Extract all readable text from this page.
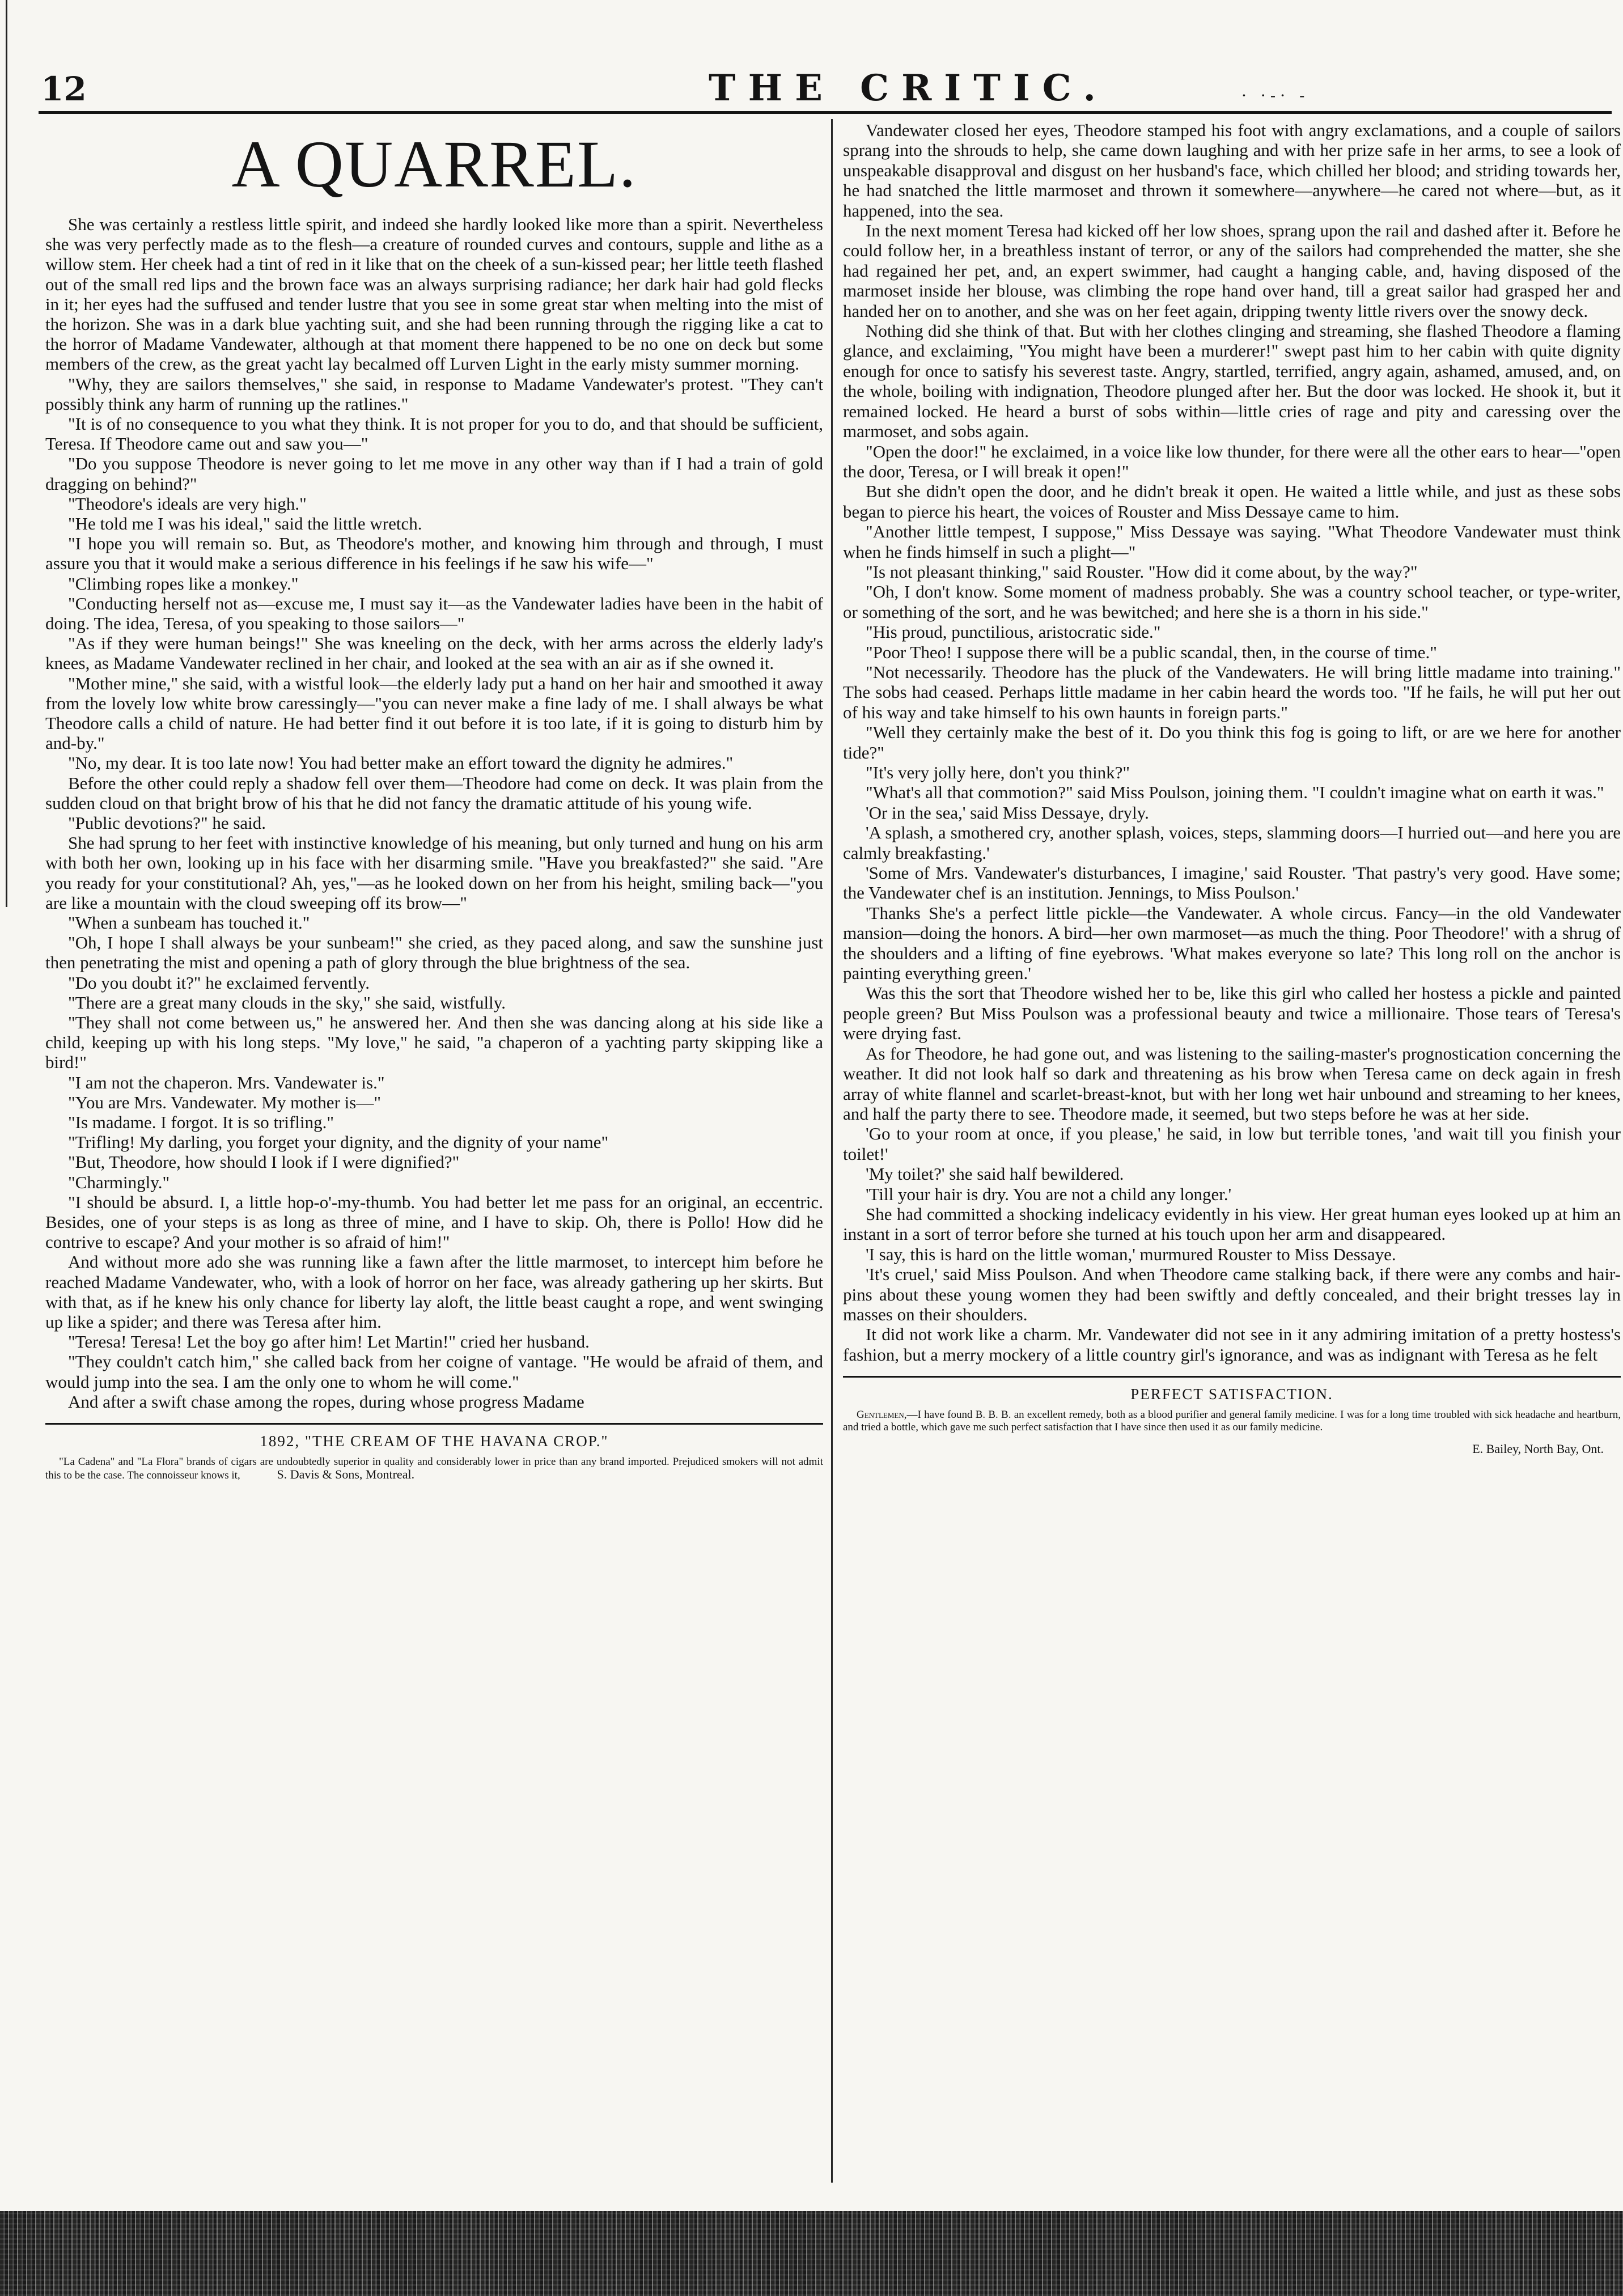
12	THE CRITIC.	· ·-· -
A QUARREL.

She was certainly a restless little spirit, and indeed she hardly looked like more than a spirit. Nevertheless she was very perfectly made as to the flesh—a creature of rounded curves and contours, supple and lithe as a willow stem. Her cheek had a tint of red in it like that on the cheek of a sun-kissed pear; her little teeth flashed out of the small red lips and the brown face was an always surprising radiance; her dark hair had gold flecks in it; her eyes had the suffused and tender lustre that you see in some great star when melting into the mist of the horizon. She was in a dark blue yachting suit, and she had been running through the rigging like a cat to the horror of Madame Vandewater, although at that moment there happened to be no one on deck but some members of the crew, as the great yacht lay becalmed off Lurven Light in the early misty summer morning.

"Why, they are sailors themselves," she said, in response to Madame Vandewater's protest. "They can't possibly think any harm of running up the ratlines."

"It is of no consequence to you what they think. It is not proper for you to do, and that should be sufficient, Teresa. If Theodore came out and saw you—"

"Do you suppose Theodore is never going to let me move in any other way than if I had a train of gold dragging on behind?"

"Theodore's ideals are very high."

"He told me I was his ideal," said the little wretch.

"I hope you will remain so. But, as Theodore's mother, and knowing him through and through, I must assure you that it would make a serious difference in his feelings if he saw his wife—"

"Climbing ropes like a monkey."

"Conducting herself not as—excuse me, I must say it—as the Vandewater ladies have been in the habit of doing. The idea, Teresa, of you speaking to those sailors—"

"As if they were human beings!" She was kneeling on the deck, with her arms across the elderly lady's knees, as Madame Vandewater reclined in her chair, and looked at the sea with an air as if she owned it.

"Mother mine," she said, with a wistful look—the elderly lady put a hand on her hair and smoothed it away from the lovely low white brow caressingly—"you can never make a fine lady of me. I shall always be what Theodore calls a child of nature. He had better find it out before it is too late, if it is going to disturb him by and-by."

"No, my dear. It is too late now! You had better make an effort toward the dignity he admires."

Before the other could reply a shadow fell over them—Theodore had come on deck. It was plain from the sudden cloud on that bright brow of his that he did not fancy the dramatic attitude of his young wife.

"Public devotions?" he said.

She had sprung to her feet with instinctive knowledge of his meaning, but only turned and hung on his arm with both her own, looking up in his face with her disarming smile. "Have you breakfasted?" she said. "Are you ready for your constitutional? Ah, yes,"—as he looked down on her from his height, smiling back—"you are like a mountain with the cloud sweeping off its brow—"

"When a sunbeam has touched it."

"Oh, I hope I shall always be your sunbeam!" she cried, as they paced along, and saw the sunshine just then penetrating the mist and opening a path of glory through the blue brightness of the sea.

"Do you doubt it?" he exclaimed fervently.

"There are a great many clouds in the sky," she said, wistfully.

"They shall not come between us," he answered her. And then she was dancing along at his side like a child, keeping up with his long steps. "My love," he said, "a chaperon of a yachting party skipping like a bird!"

"I am not the chaperon. Mrs. Vandewater is."

"You are Mrs. Vandewater. My mother is—"

"Is madame. I forgot. It is so trifling."

"Trifling! My darling, you forget your dignity, and the dignity of your name"

"But, Theodore, how should I look if I were dignified?"

"Charmingly."

"I should be absurd. I, a little hop-o'-my-thumb. You had better let me pass for an original, an eccentric. Besides, one of your steps is as long as three of mine, and I have to skip. Oh, there is Pollo! How did he contrive to escape? And your mother is so afraid of him!"

And without more ado she was running like a fawn after the little marmoset, to intercept him before he reached Madame Vandewater, who, with a look of horror on her face, was already gathering up her skirts. But with that, as if he knew his only chance for liberty lay aloft, the little beast caught a rope, and went swinging up like a spider; and there was Teresa after him.

"Teresa! Teresa! Let the boy go after him! Let Martin!" cried her husband.

"They couldn't catch him," she called back from her coigne of vantage. "He would be afraid of them, and would jump into the sea. I am the only one to whom he will come."

And after a swift chase among the ropes, during whose progress Madame

1892, "THE CREAM OF THE HAVANA CROP."

"La Cadena" and "La Flora" brands of cigars are undoubtedly superior in quality and considerably lower in price than any brand imported. Prejudiced smokers will not admit this to be the case. The connoisseur knows it,	S. Davis & Sons, Montreal.

Vandewater closed her eyes, Theodore stamped his foot with angry exclamations, and a couple of sailors sprang into the shrouds to help, she came down laughing and with her prize safe in her arms, to see a look of unspeakable disapproval and disgust on her husband's face, which chilled her blood; and striding towards her, he had snatched the little marmoset and thrown it somewhere—anywhere—he cared not where—but, as it happened, into the sea.

In the next moment Teresa had kicked off her low shoes, sprang upon the rail and dashed after it. Before he could follow her, in a breathless instant of terror, or any of the sailors had comprehended the matter, she she had regained her pet, and, an expert swimmer, had caught a hanging cable, and, having disposed of the marmoset inside her blouse, was climbing the rope hand over hand, till a great sailor had grasped her and handed her on to another, and she was on her feet again, dripping twenty little rivers over the snowy deck.

Nothing did she think of that. But with her clothes clinging and streaming, she flashed Theodore a flaming glance, and exclaiming, "You might have been a murderer!" swept past him to her cabin with quite dignity enough for once to satisfy his severest taste. Angry, startled, terrified, angry again, ashamed, amused, and, on the whole, boiling with indignation, Theodore plunged after her. But the door was locked. He shook it, but it remained locked. He heard a burst of sobs within—little cries of rage and pity and caressing over the marmoset, and sobs again.

"Open the door!" he exclaimed, in a voice like low thunder, for there were all the other ears to hear—"open the door, Teresa, or I will break it open!"

But she didn't open the door, and he didn't break it open. He waited a little while, and just as these sobs began to pierce his heart, the voices of Rouster and Miss Dessaye came to him.

"Another little tempest, I suppose," Miss Dessaye was saying. "What Theodore Vandewater must think when he finds himself in such a plight—"

"Is not pleasant thinking," said Rouster. "How did it come about, by the way?"

"Oh, I don't know. Some moment of madness probably. She was a country school teacher, or type-writer, or something of the sort, and he was bewitched; and here she is a thorn in his side."

"His proud, punctilious, aristocratic side."

"Poor Theo! I suppose there will be a public scandal, then, in the course of time."

"Not necessarily. Theodore has the pluck of the Vandewaters. He will bring little madame into training." The sobs had ceased. Perhaps little madame in her cabin heard the words too. "If he fails, he will put her out of his way and take himself to his own haunts in foreign parts."

"Well they certainly make the best of it. Do you think this fog is going to lift, or are we here for another tide?"

"It's very jolly here, don't you think?"

"What's all that commotion?" said Miss Poulson, joining them. "I couldn't imagine what on earth it was."

'Or in the sea,' said Miss Dessaye, dryly.

'A splash, a smothered cry, another splash, voices, steps, slamming doors—I hurried out—and here you are calmly breakfasting.'

'Some of Mrs. Vandewater's disturbances, I imagine,' said Rouster. 'That pastry's very good. Have some; the Vandewater chef is an institution. Jennings, to Miss Poulson.'

'Thanks She's a perfect little pickle—the Vandewater. A whole circus. Fancy—in the old Vandewater mansion—doing the honors. A bird—her own marmoset—as much the thing. Poor Theodore!' with a shrug of the shoulders and a lifting of fine eyebrows. 'What makes everyone so late? This long roll on the anchor is painting everything green.'

Was this the sort that Theodore wished her to be, like this girl who called her hostess a pickle and painted people green? But Miss Poulson was a professional beauty and twice a millionaire. Those tears of Teresa's were drying fast.

As for Theodore, he had gone out, and was listening to the sailing-master's prognostication concerning the weather. It did not look half so dark and threatening as his brow when Teresa came on deck again in fresh array of white flannel and scarlet-breast-knot, but with her long wet hair unbound and streaming to her knees, and half the party there to see. Theodore made, it seemed, but two steps before he was at her side.

'Go to your room at once, if you please,' he said, in low but terrible tones, 'and wait till you finish your toilet!'

'My toilet?' she said half bewildered.

'Till your hair is dry. You are not a child any longer.'

She had committed a shocking indelicacy evidently in his view. Her great human eyes looked up at him an instant in a sort of terror before she turned at his touch upon her arm and disappeared.

'I say, this is hard on the little woman,' murmured Rouster to Miss Dessaye.

'It's cruel,' said Miss Poulson. And when Theodore came stalking back, if there were any combs and hair-pins about these young women they had been swiftly and deftly concealed, and their bright tresses lay in masses on their shoulders.

It did not work like a charm. Mr. Vandewater did not see in it any admiring imitation of a pretty hostess's fashion, but a merry mockery of a little country girl's ignorance, and was as indignant with Teresa as he felt

PERFECT SATISFACTION.

Gentlemen,—I have found B. B. B. an excellent remedy, both as a blood purifier and general family medicine. I was for a long time troubled with sick headache and heartburn, and tried a bottle, which gave me such perfect satisfaction that I have since then used it as our family medicine.

E. Bailey, North Bay, Ont.
